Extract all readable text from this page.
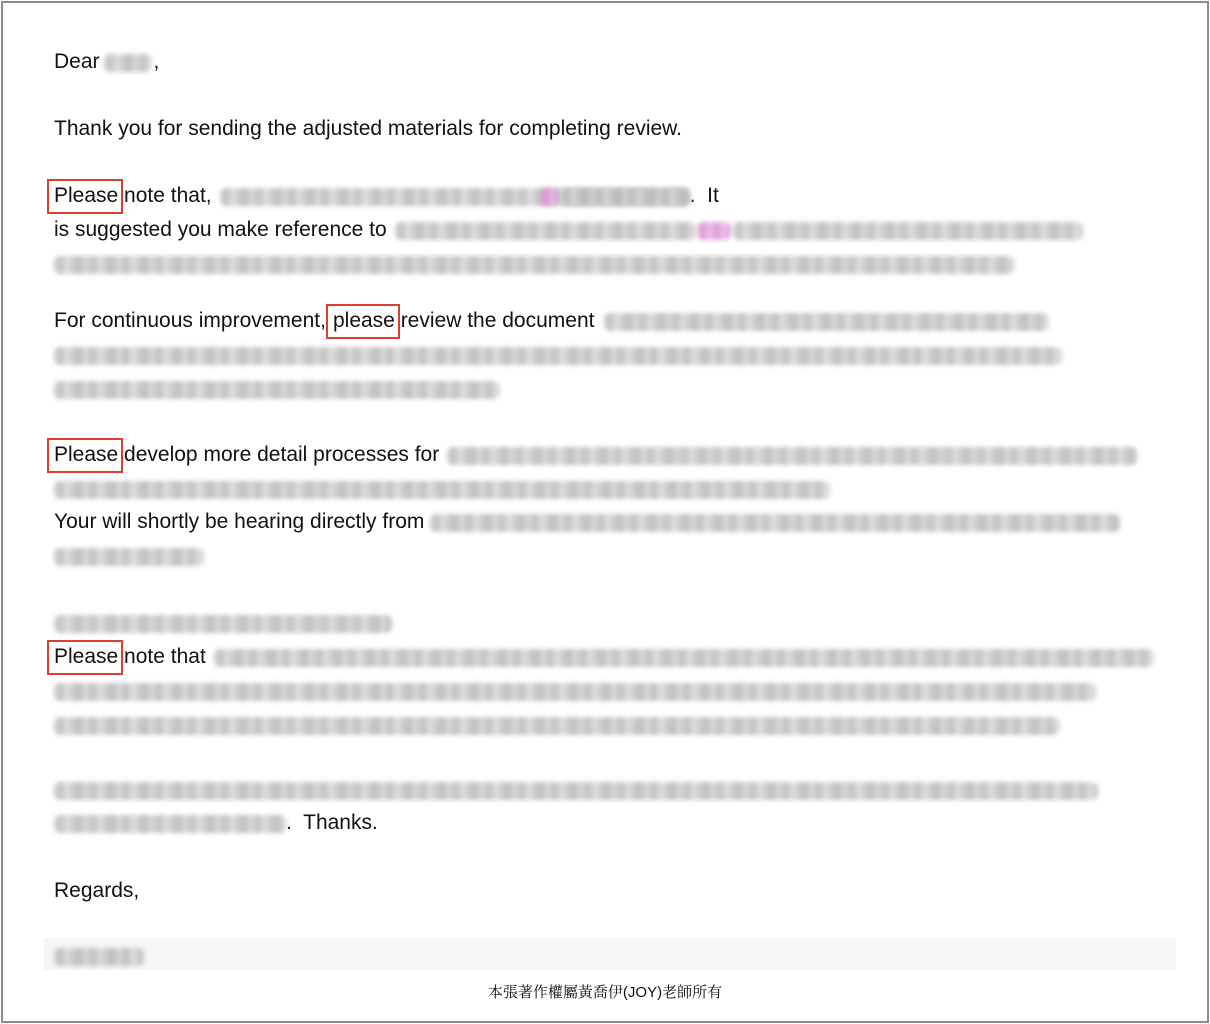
Dear	,
Thank you for sending the adjusted materials for completing review.
Please note that,	.  It
is suggested you make reference to
For continuous improvement, please review the document
Please develop more detail processes for
Your will shortly be hearing directly from
Please note that
.  Thanks.
Regards,
本張著作權屬黃喬伊(JOY)老師所有
